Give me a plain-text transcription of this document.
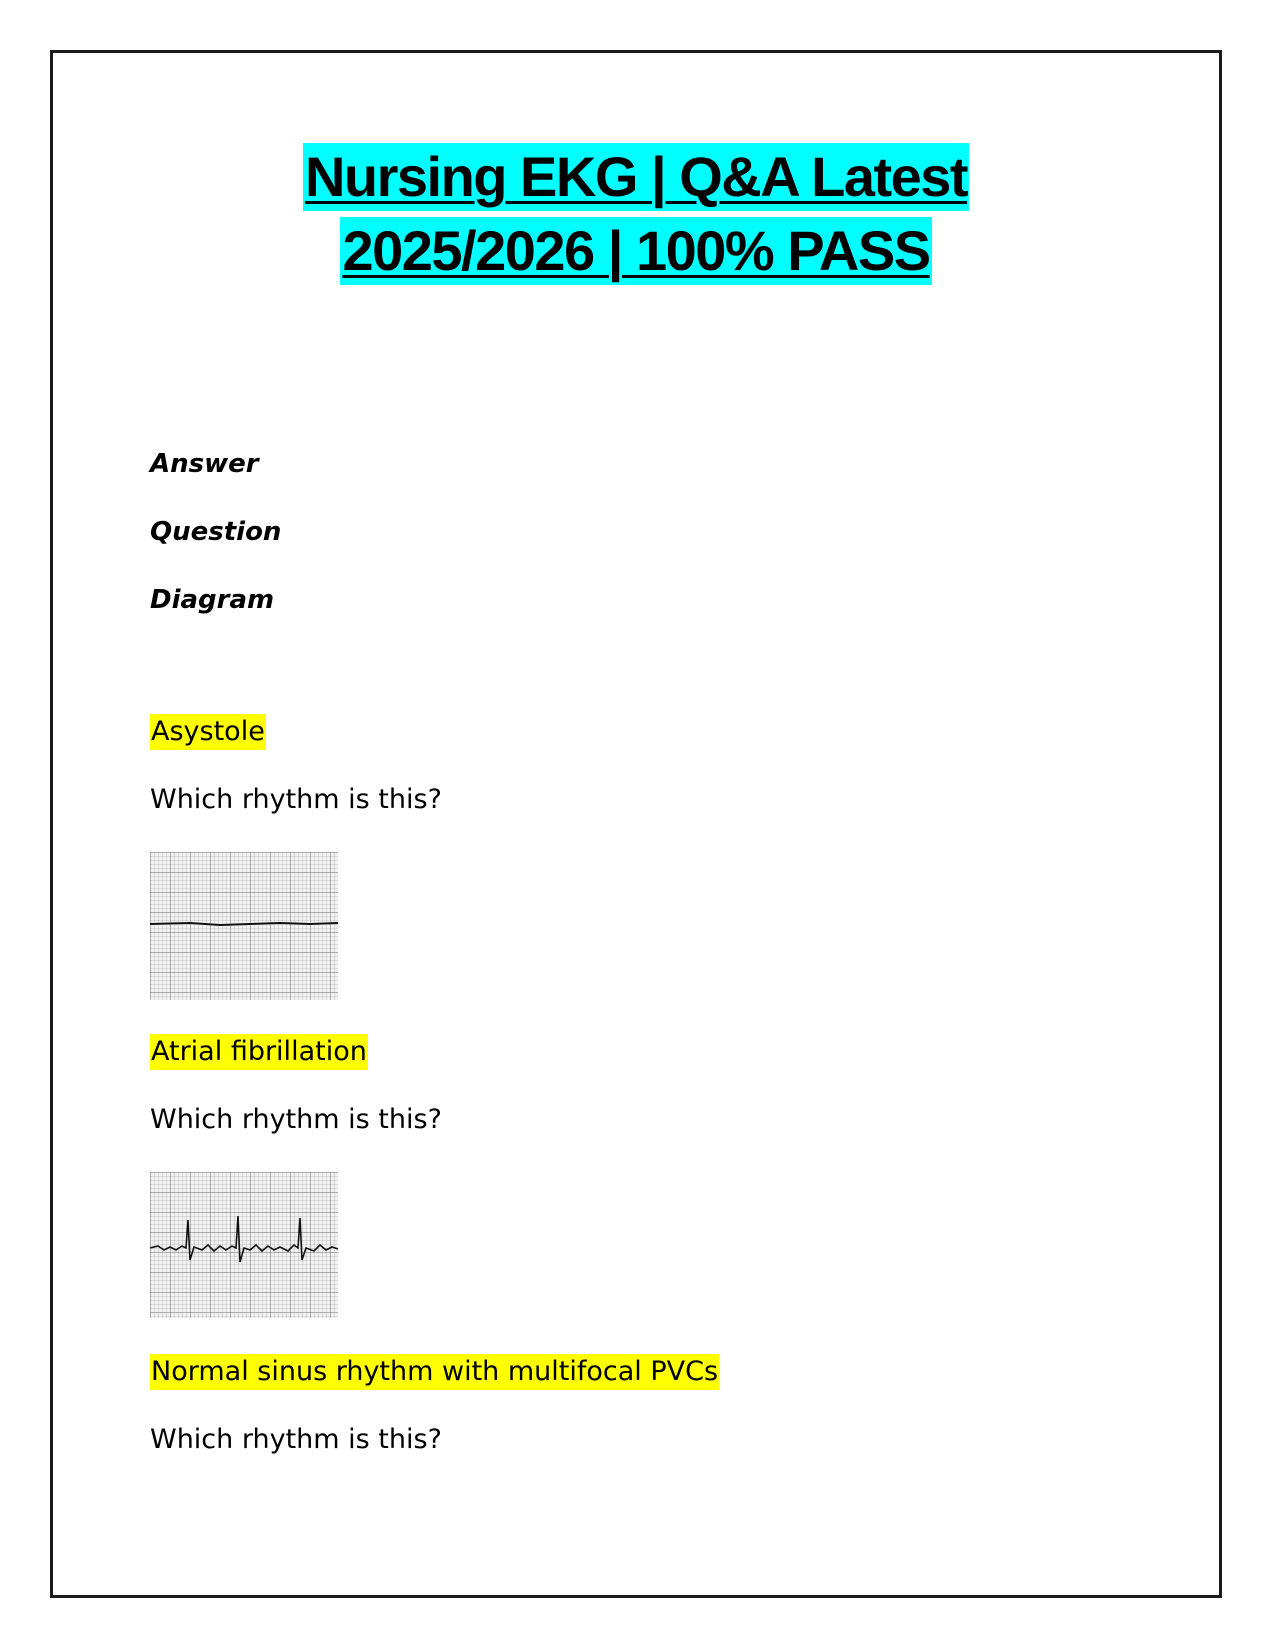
Nursing EKG | Q&A Latest
2025/2026 | 100% PASS
Answer
Question
Diagram
Asystole
Which rhythm is this?
Atrial fibrillation
Which rhythm is this?
Normal sinus rhythm with multifocal PVCs
Which rhythm is this?
